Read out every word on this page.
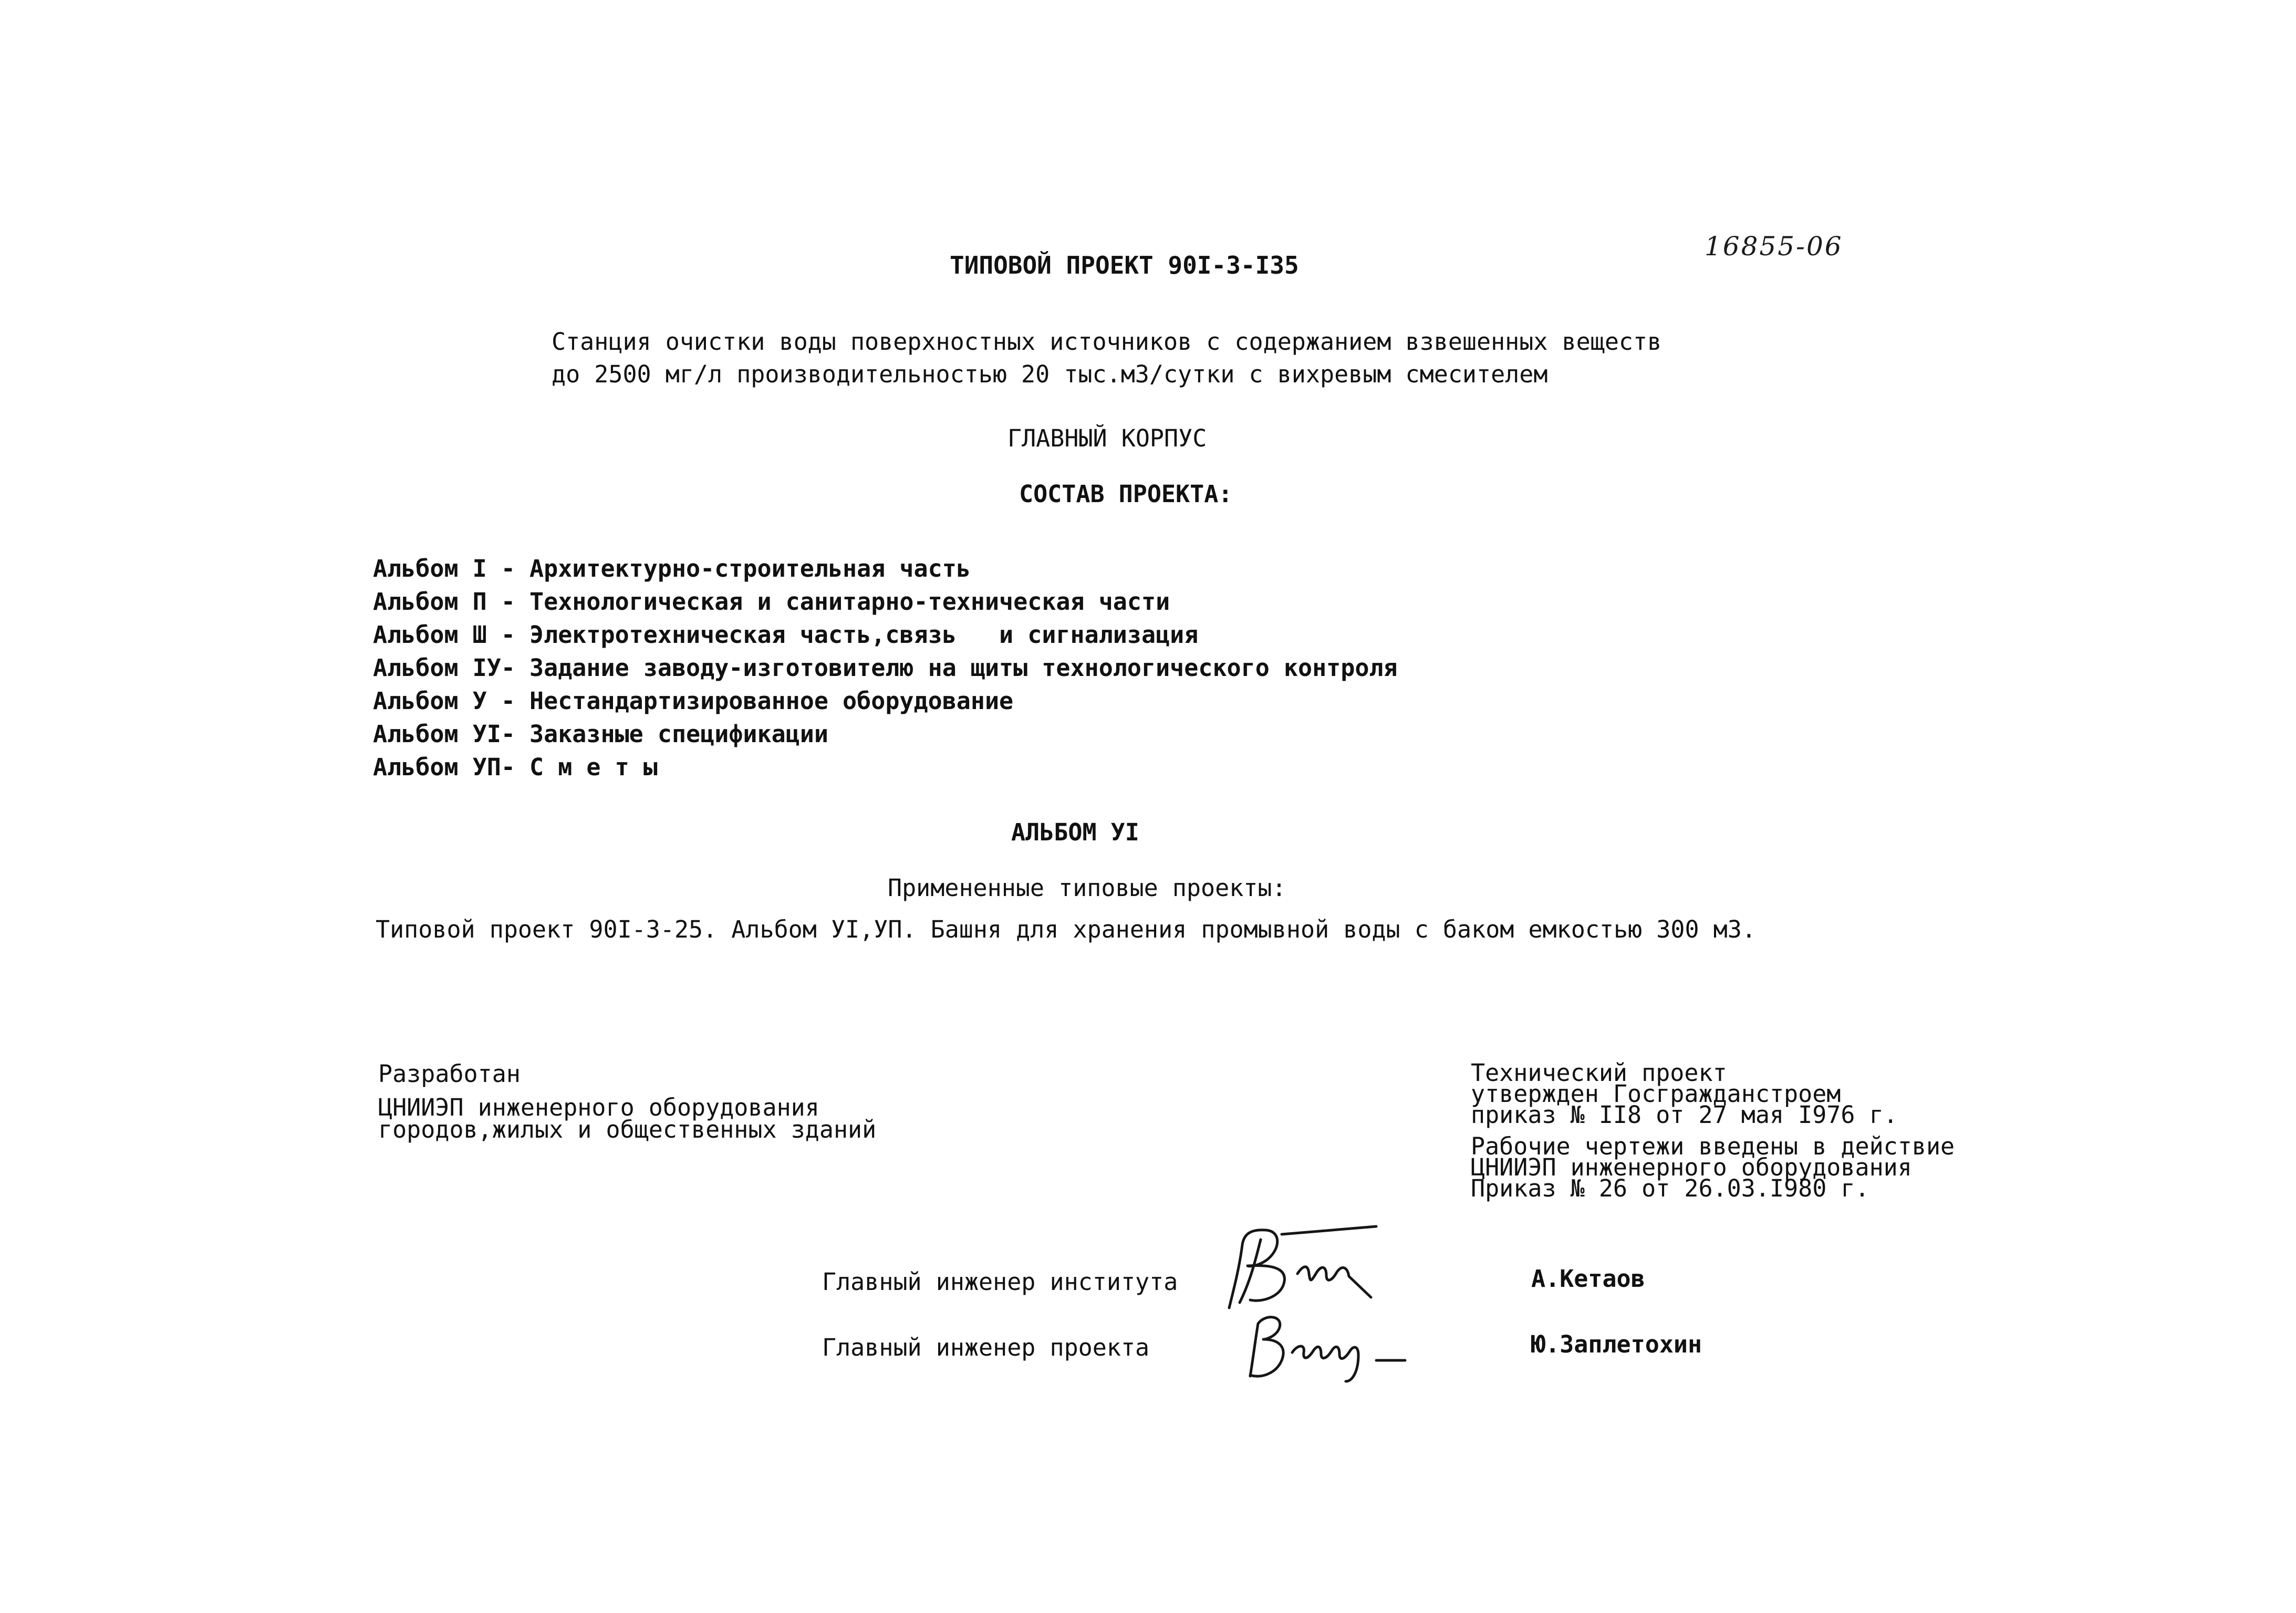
ТИПОВОЙ ПРОЕКТ 90I-3-I35
16855-06
Станция очистки воды поверхностных источников с содержанием взвешенных веществ
до 2500 мг/л производительностью 20 тыс.м3/сутки с вихревым смесителем
ГЛАВНЫЙ КОРПУС
СОСТАВ ПРОЕКТА:
Альбом I - Архитектурно-строительная часть
Альбом П - Технологическая и санитарно-техническая части
Альбом Ш - Электротехническая часть,связь   и сигнализация
Альбом IУ- Задание заводу-изготовителю на щиты технологического контроля
Альбом У - Нестандартизированное оборудование
Альбом УI- Заказные спецификации
Альбом УП- С м е т ы
АЛЬБОМ УI
Примененные типовые проекты:
Типовой проект 90I-3-25. Альбом УI,УП. Башня для хранения промывной воды с баком емкостью 300 м3.
Разработан
ЦНИИЭП инженерного оборудования
городов,жилых и общественных зданий
Технический проект
утвержден Госгражданстроем
приказ № II8 от 27 мая I976 г.
Рабочие чертежи введены в действие
ЦНИИЭП инженерного оборудования
Приказ № 26 от 26.03.I980 г.
Главный инженер института
Главный инженер проекта
А.Кетаов
Ю.Заплетохин
